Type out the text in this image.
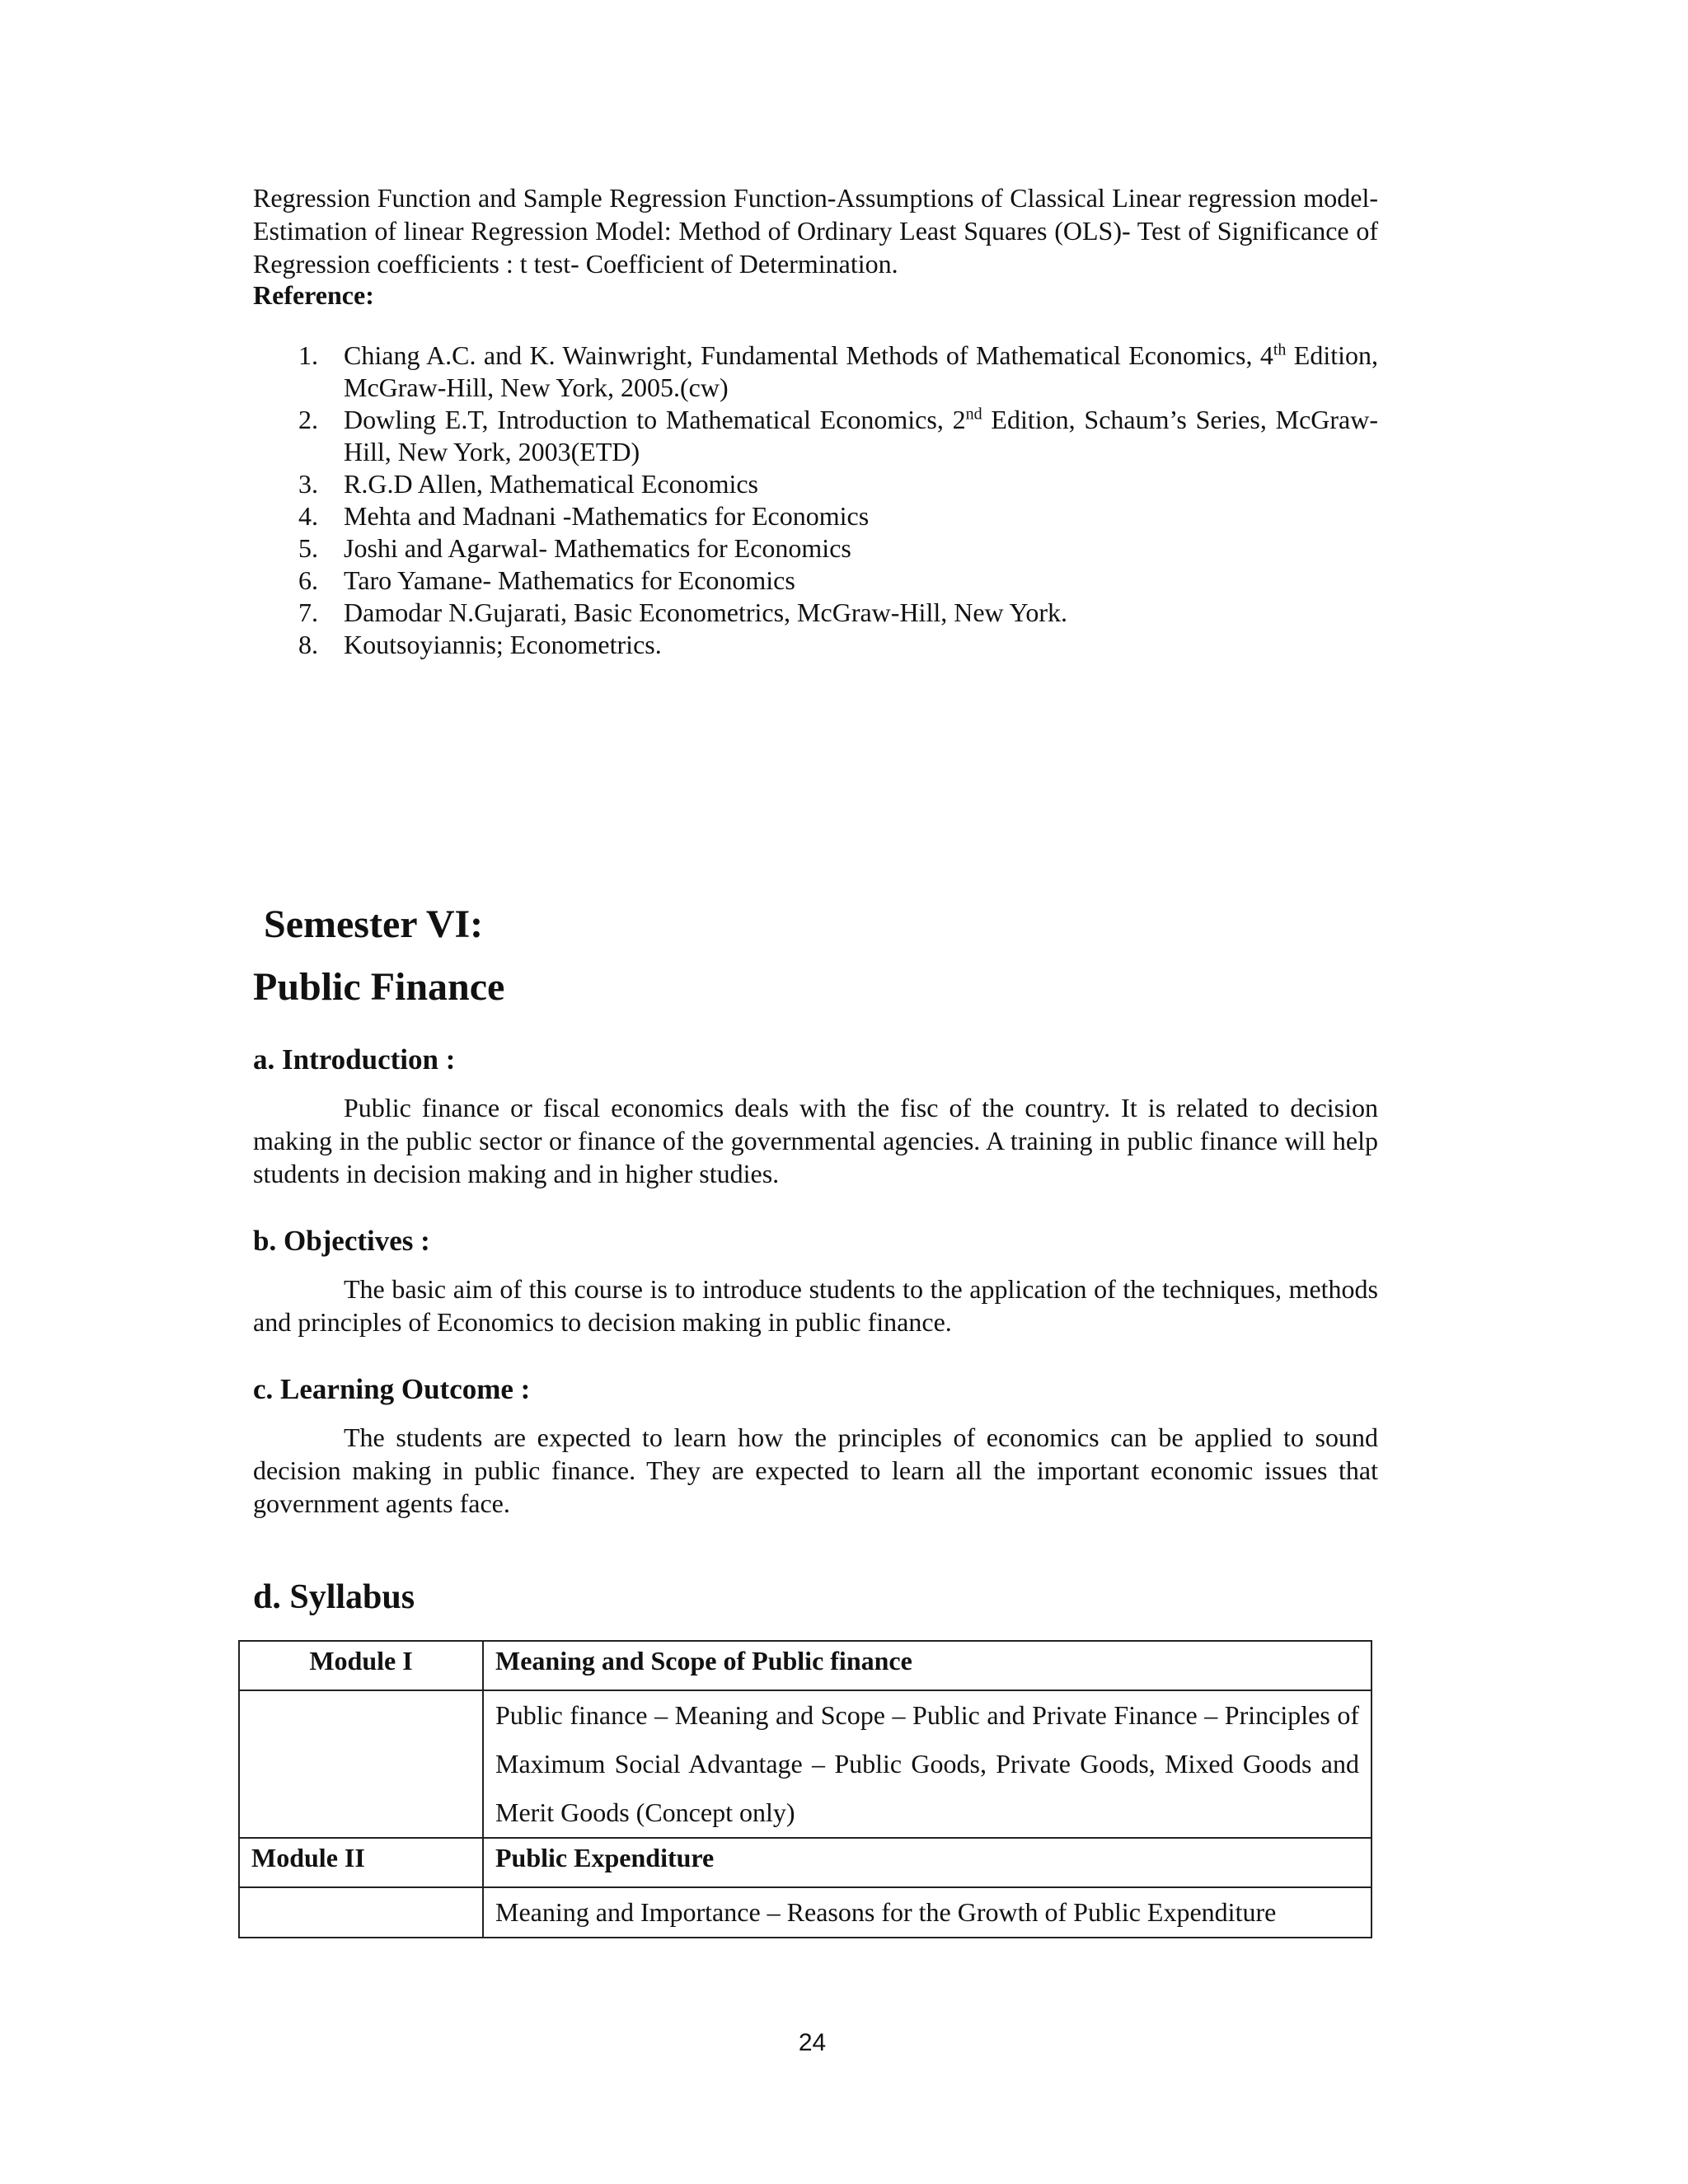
Regression Function and Sample Regression Function-Assumptions of Classical Linear regression model-Estimation of linear Regression Model: Method of Ordinary Least Squares (OLS)- Test of Significance of Regression coefficients : t test- Coefficient of Determination.
Reference:
1. Chiang A.C. and K. Wainwright, Fundamental Methods of Mathematical Economics, 4th Edition, McGraw-Hill, New York, 2005.(cw)
2. Dowling E.T, Introduction to Mathematical Economics, 2nd Edition, Schaum’s Series, McGraw-Hill, New York, 2003(ETD)
3. R.G.D Allen, Mathematical Economics
4. Mehta and Madnani -Mathematics for Economics
5. Joshi and Agarwal- Mathematics for Economics
6. Taro Yamane- Mathematics for Economics
7. Damodar N.Gujarati, Basic Econometrics, McGraw-Hill, New York.
8. Koutsoyiannis; Econometrics.
Semester VI:
Public Finance
a. Introduction :
Public finance or fiscal economics deals with the fisc of the country. It is related to decision making in the public sector or finance of the governmental agencies. A training in public finance will help students in decision making and in higher studies.
b. Objectives :
The basic aim of this course is to introduce students to the application of the techniques, methods and principles of Economics to decision making in public finance.
c. Learning Outcome :
The students are expected to learn how the principles of economics can be applied to sound decision making in public finance. They are expected to learn all the important economic issues that government agents face.
d. Syllabus
Module I	Meaning and Scope of Public finance
	Public finance – Meaning and Scope – Public and Private Finance – Principles of Maximum Social Advantage – Public Goods, Private Goods, Mixed Goods and Merit Goods (Concept only)
Module II	Public Expenditure
	Meaning and Importance – Reasons for the Growth of Public Expenditure
24
